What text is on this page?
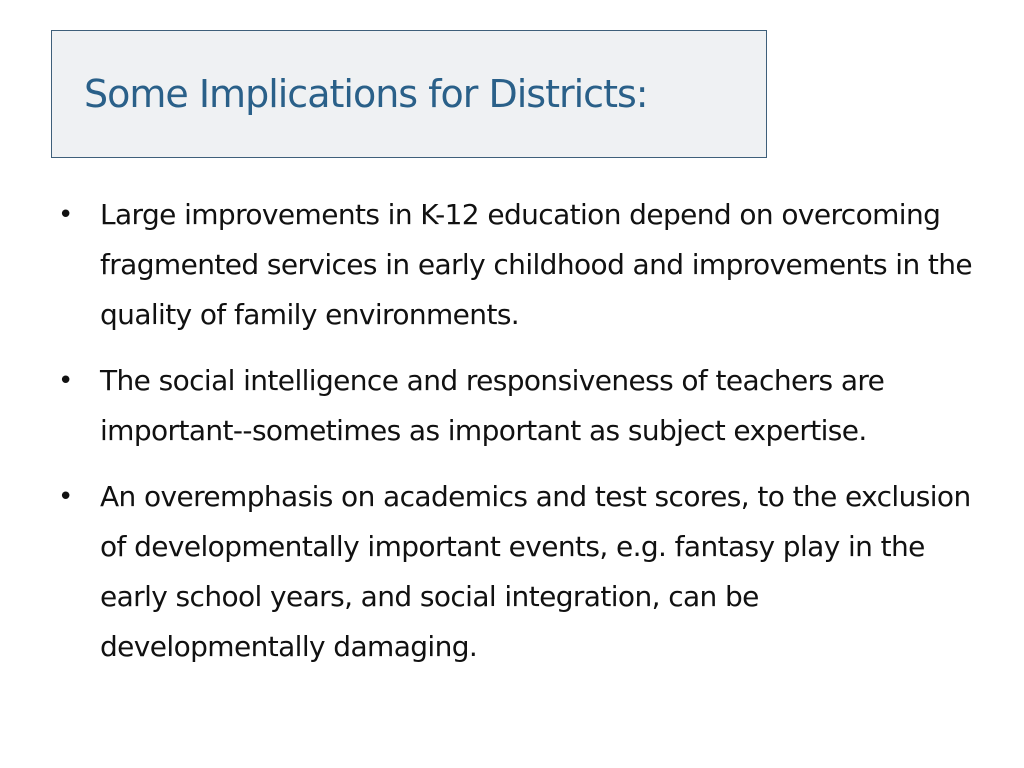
Some Implications for Districts:
• Large improvements in K-12 education depend on overcoming fragmented services in early childhood and improvements in the quality of family environments.
• The social intelligence and responsiveness of teachers are important--sometimes as important as subject expertise.
• An overemphasis on academics and test scores, to the exclusion of developmentally important events, e.g. fantasy play in the early school years, and social integration, can be developmentally damaging.
